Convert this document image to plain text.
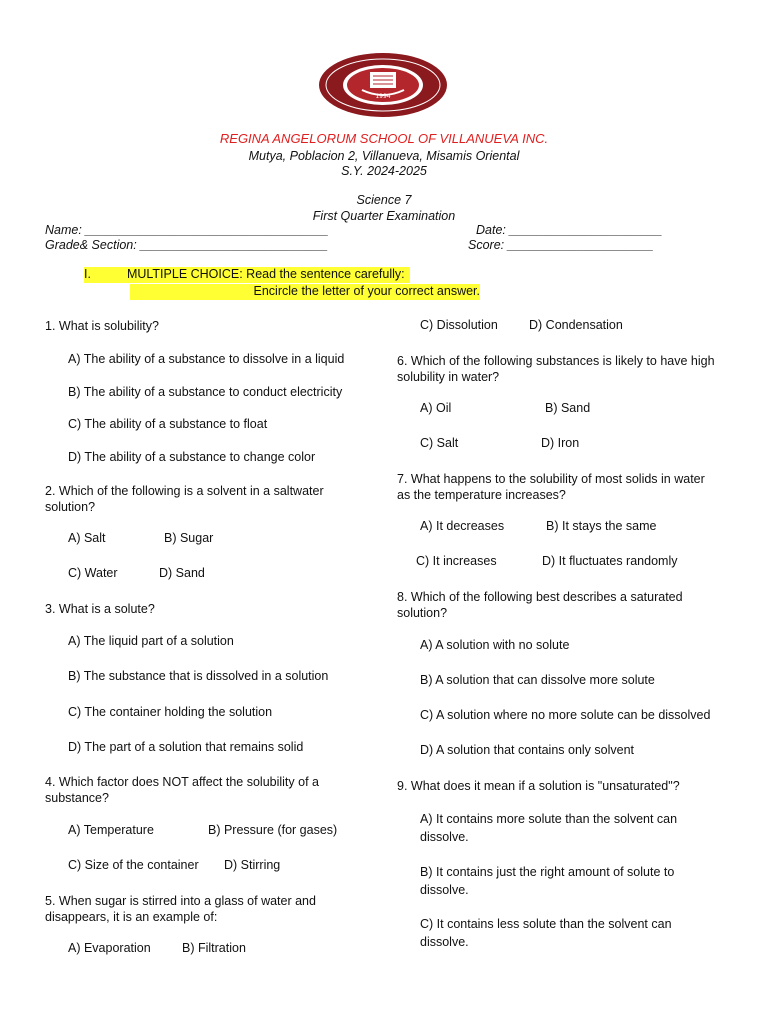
1994
REGINA ANGELORUM SCHOOL OF VILLANUEVA INC.
Mutya, Poblacion 2, Villanueva, Misamis Oriental
S.Y. 2024-2025
Science 7
First Quarter Examination
Name: ___________________________________	Date: ______________________
Grade& Section: ___________________________	Score: _____________________
I.	MULTIPLE CHOICE: Read the sentence carefully:
Encircle the letter of your correct answer.
1. What is solubility?
A) The ability of a substance to dissolve in a liquid
B) The ability of a substance to conduct electricity
C) The ability of a substance to float
D) The ability of a substance to change color
2. Which of the following is a solvent in a saltwater solution?
A) Salt	B) Sugar
C) Water	D) Sand
3. What is a solute?
A) The liquid part of a solution
B) The substance that is dissolved in a solution
C) The container holding the solution
D) The part of a solution that remains solid
4. Which factor does NOT affect the solubility of a substance?
A) Temperature	B) Pressure (for gases)
C) Size of the container D) Stirring
5. When sugar is stirred into a glass of water and disappears, it is an example of:
A) Evaporation	B) Filtration
C) Dissolution D) Condensation
6. Which of the following substances is likely to have high solubility in water?
A) Oil	B) Sand
C) Salt	D) Iron
7. What happens to the solubility of most solids in water as the temperature increases?
A) It decreases	B) It stays the same
C) It increases	D) It fluctuates randomly
8. Which of the following best describes a saturated solution?
A) A solution with no solute
B) A solution that can dissolve more solute
C) A solution where no more solute can be dissolved
D) A solution that contains only solvent
9. What does it mean if a solution is "unsaturated"?
A) It contains more solute than the solvent can dissolve.
B) It contains just the right amount of solute to dissolve.
C) It contains less solute than the solvent can dissolve.
